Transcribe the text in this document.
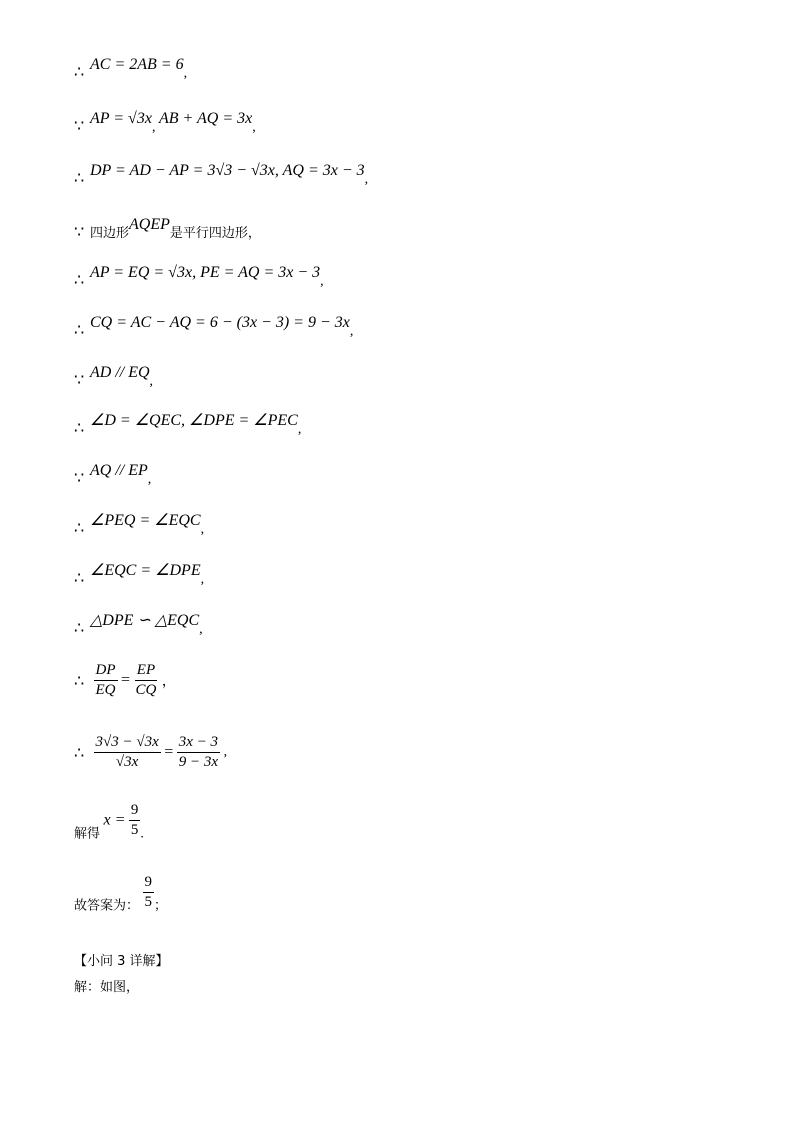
∴ AC = 2AB = 6,
∵ AP = √3x, AB + AQ = 3x,
∴ DP = AD − AP = 3√3 − √3x, AQ = 3x − 3,
∵ 四边形AQEP是平行四边形，
∴ AP = EQ = √3x, PE = AQ = 3x − 3,
∴ CQ = AC − AQ = 6 − (3x − 3) = 9 − 3x,
∵ AD // EQ,
∴ ∠D = ∠QEC, ∠DPE = ∠PEC,
∵ AQ // EP,
∴ ∠PEQ = ∠EQC,
∴ ∠EQC = ∠DPE,
∴ △DPE ∽ △EQC,
∴ $\frac{DP}{EQ} = \frac{EP}{CQ}$ ，
∴ $\frac{3√3 - √3x}{√3x} = \frac{3x - 3}{9 - 3x}$ ,
解得 $x = \frac{9}{5}$ .
故答案为： $\frac{9}{5}$ ；
【小问 3 详解】
解：如图，
